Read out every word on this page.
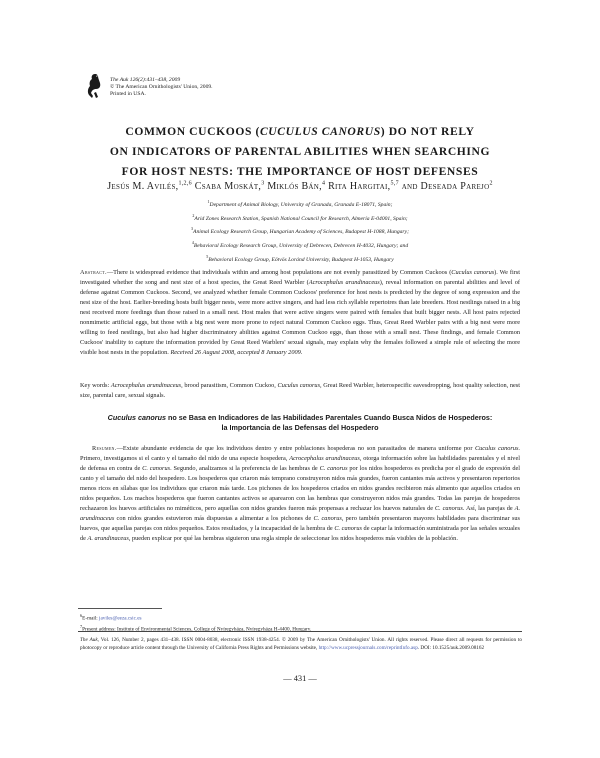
The Auk 126(2):431–438, 2009
© The American Ornithologists' Union, 2009.
Printed in USA.
COMMON CUCKOOS (CUCULUS CANORUS) DO NOT RELY
ON INDICATORS OF PARENTAL ABILITIES WHEN SEARCHING
FOR HOST NESTS: THE IMPORTANCE OF HOST DEFENSES
Jesús M. Avilés,$^{1,2,6}$ Csaba Moskát,$^3$ Miklós Bán,$^4$ Rita Hargitai,$^{5,7}$ and Deseada Parejo$^2$
$^1$Department of Animal Biology, University of Granada, Granada E-18071, Spain;
$^2$Arid Zones Research Station, Spanish National Council for Research, Almería E-04001, Spain;
$^3$Animal Ecology Research Group, Hungarian Academy of Sciences, Budapest H-1088, Hungary;
$^4$Behavioral Ecology Research Group, University of Debrecen, Debrecen H-4032, Hungary; and
$^5$Behavioral Ecology Group, Eötvös Loránd University, Budapest H-1053, Hungary
Abstract.—There is widespread evidence that individuals within and among host populations are not evenly parasitized by Common Cuckoos (Cuculus canorus). We first investigated whether the song and nest size of a host species, the Great Reed Warbler (Acrocephalus arundinaceus), reveal information on parental abilities and level of defense against Common Cuckoos. Second, we analyzed whether female Common Cuckoos' preference for host nests is predicted by the degree of song expression and the nest size of the host. Earlier-breeding hosts built bigger nests, were more active singers, and had less rich syllable repertoires than late breeders. Host nestlings raised in a big nest received more feedings than those raised in a small nest. Host males that were active singers were paired with females that built bigger nests. All host pairs rejected nonmimetic artificial eggs, but those with a big nest were more prone to reject natural Common Cuckoo eggs. Thus, Great Reed Warbler pairs with a big nest were more willing to feed nestlings, but also had higher discriminatory abilities against Common Cuckoo eggs, than those with a small nest. These findings, and female Common Cuckoos' inability to capture the information provided by Great Reed Warblers' sexual signals, may explain why the females followed a simple rule of selecting the more visible host nests in the population. Received 26 August 2008, accepted 8 January 2009.
Key words: Acrocephalus arundinaceus, brood parasitism, Common Cuckoo, Cuculus canorus, Great Reed Warbler, heterospecific eavesdropping, host quality selection, nest size, parental care, sexual signals.
Cuculus canorus no se Basa en Indicadores de las Habilidades Parentales Cuando Busca Nidos de Hospederos:
la Importancia de las Defensas del Hospedero
Resumen.—Existe abundante evidencia de que los individuos dentro y entre poblaciones hospederas no son parasitados de manera uniforme por Cuculus canorus. Primero, investigamos si el canto y el tamaño del nido de una especie hospedera, Acrocephalus arundinaceus, otorga información sobre las habilidades parentales y el nivel de defensa en contra de C. canorus. Segundo, analizamos si la preferencia de las hembras de C. canorus por los nidos hospederos es predicha por el grado de expresión del canto y el tamaño del nido del hospedero. Los hospederos que criaron más temprano construyeron nidos más grandes, fueron cantantes más activos y presentaron repertorios menos ricos en sílabas que los individuos que criaron más tarde. Los pichones de los hospederos criados en nidos grandes recibieron más alimento que aquellos criados en nidos pequeños. Los machos hospederos que fueron cantantes activos se aparearon con las hembras que construyeron nidos más grandes. Todas las parejas de hospederos rechazaron los huevos artificiales no miméticos, pero aquellas con nidos grandes fueron más propensas a rechazar los huevos naturales de C. canorus. Así, las parejas de A. arundinaceus con nidos grandes estuvieron más dispuestas a alimentar a los pichones de C. canorus, pero también presentaron mayores habilidades para discriminar sus huevos, que aquellas parejas con nidos pequeños. Estos resultados, y la incapacidad de la hembra de C. canorus de captar la información suministrada por las señales sexuales de A. arundinaceus, pueden explicar por qué las hembras siguieron una regla simple de seleccionar los nidos hospederos más visibles de la población.
$^6$E-mail: javiles@eeza.csic.es
$^7$Present address: Institute of Environmental Sciences, College of Nyíregyháza, Nyíregyháza H-4400, Hungary.
The Auk, Vol. 126, Number 2, pages 431–438. ISSN 0004-8038, electronic ISSN 1938-4254. © 2009 by The American Ornithologists' Union. All rights reserved. Please direct all requests for permission to photocopy or reproduce article content through the University of California Press Rights and Permissions website, http://www.ucpressjournals.com/reprintInfo.asp. DOI: 10.1525/auk.2009.08162
— 431 —
